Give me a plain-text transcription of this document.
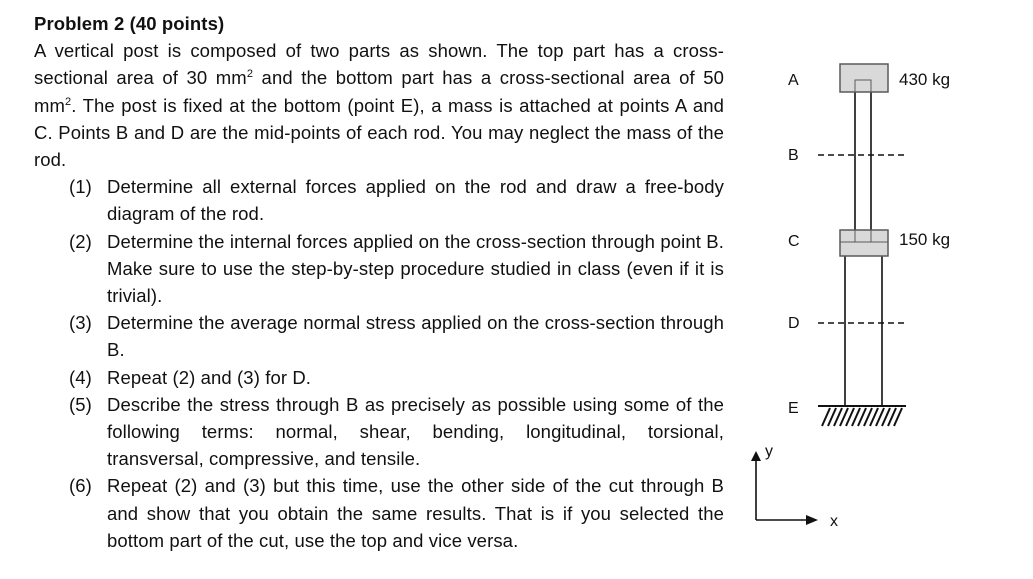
Problem 2 (40 points)

A vertical post is composed of two parts as shown. The top part has a cross-sectional area of 30 $mm^2$ and the bottom part has a cross-sectional area of 50 $mm^2$. The post is fixed at the bottom (point E), a mass is attached at points A and C. Points B and D are the mid-points of each rod. You may neglect the mass of the rod.

(1) Determine all external forces applied on the rod and draw a free-body diagram of the rod.
(2) Determine the internal forces applied on the cross-section through point B. Make sure to use the step-by-step procedure studied in class (even if it is trivial).
(3) Determine the average normal stress applied on the cross-section through B.
(4) Repeat (2) and (3) for D.
(5) Describe the stress through B as precisely as possible using some of the following terms: normal, shear, bending, longitudinal, torsional, transversal, compressive, and tensile.
(6) Repeat (2) and (3) but this time, use the other side of the cut through B and show that you obtain the same results. That is if you selected the bottom part of the cut, use the top and vice versa.
A
B
C
D
E
430 kg
150 kg
y
x
